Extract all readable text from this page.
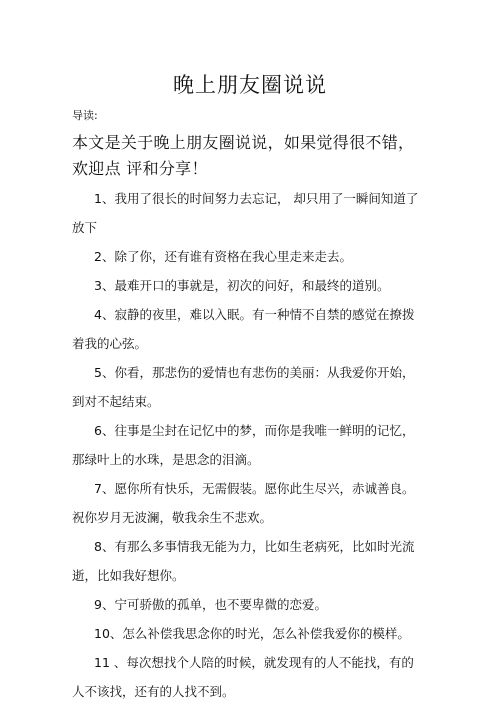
晚上朋友圈说说
导读:
本文是关于晚上朋友圈说说，如果觉得很不错，欢迎点 评和分享！
1、我用了很长的时间努力去忘记， 却只用了一瞬间知道了放下
2、除了你，还有谁有资格在我心里走来走去。
3、最难开口的事就是，初次的问好，和最终的道别。
4、寂静的夜里，难以入眠。有一种情不自禁的感觉在撩拨着我的心弦。
5、你看，那悲伤的爱情也有悲伤的美丽：从我爱你开始，到对不起结束。
6、往事是尘封在记忆中的梦，而你是我唯一鲜明的记忆，那绿叶上的水珠，是思念的泪滴。
7、愿你所有快乐，无需假装。愿你此生尽兴，赤诚善良。祝你岁月无波澜，敬我余生不悲欢。
8、有那么多事情我无能为力，比如生老病死，比如时光流逝，比如我好想你。
9、宁可骄傲的孤单，也不要卑微的恋爱。
10、怎么补偿我思念你的时光，怎么补偿我爱你的模样。
11 、每次想找个人陪的时候，就发现有的人不能找，有的人不该找，还有的人找不到。
